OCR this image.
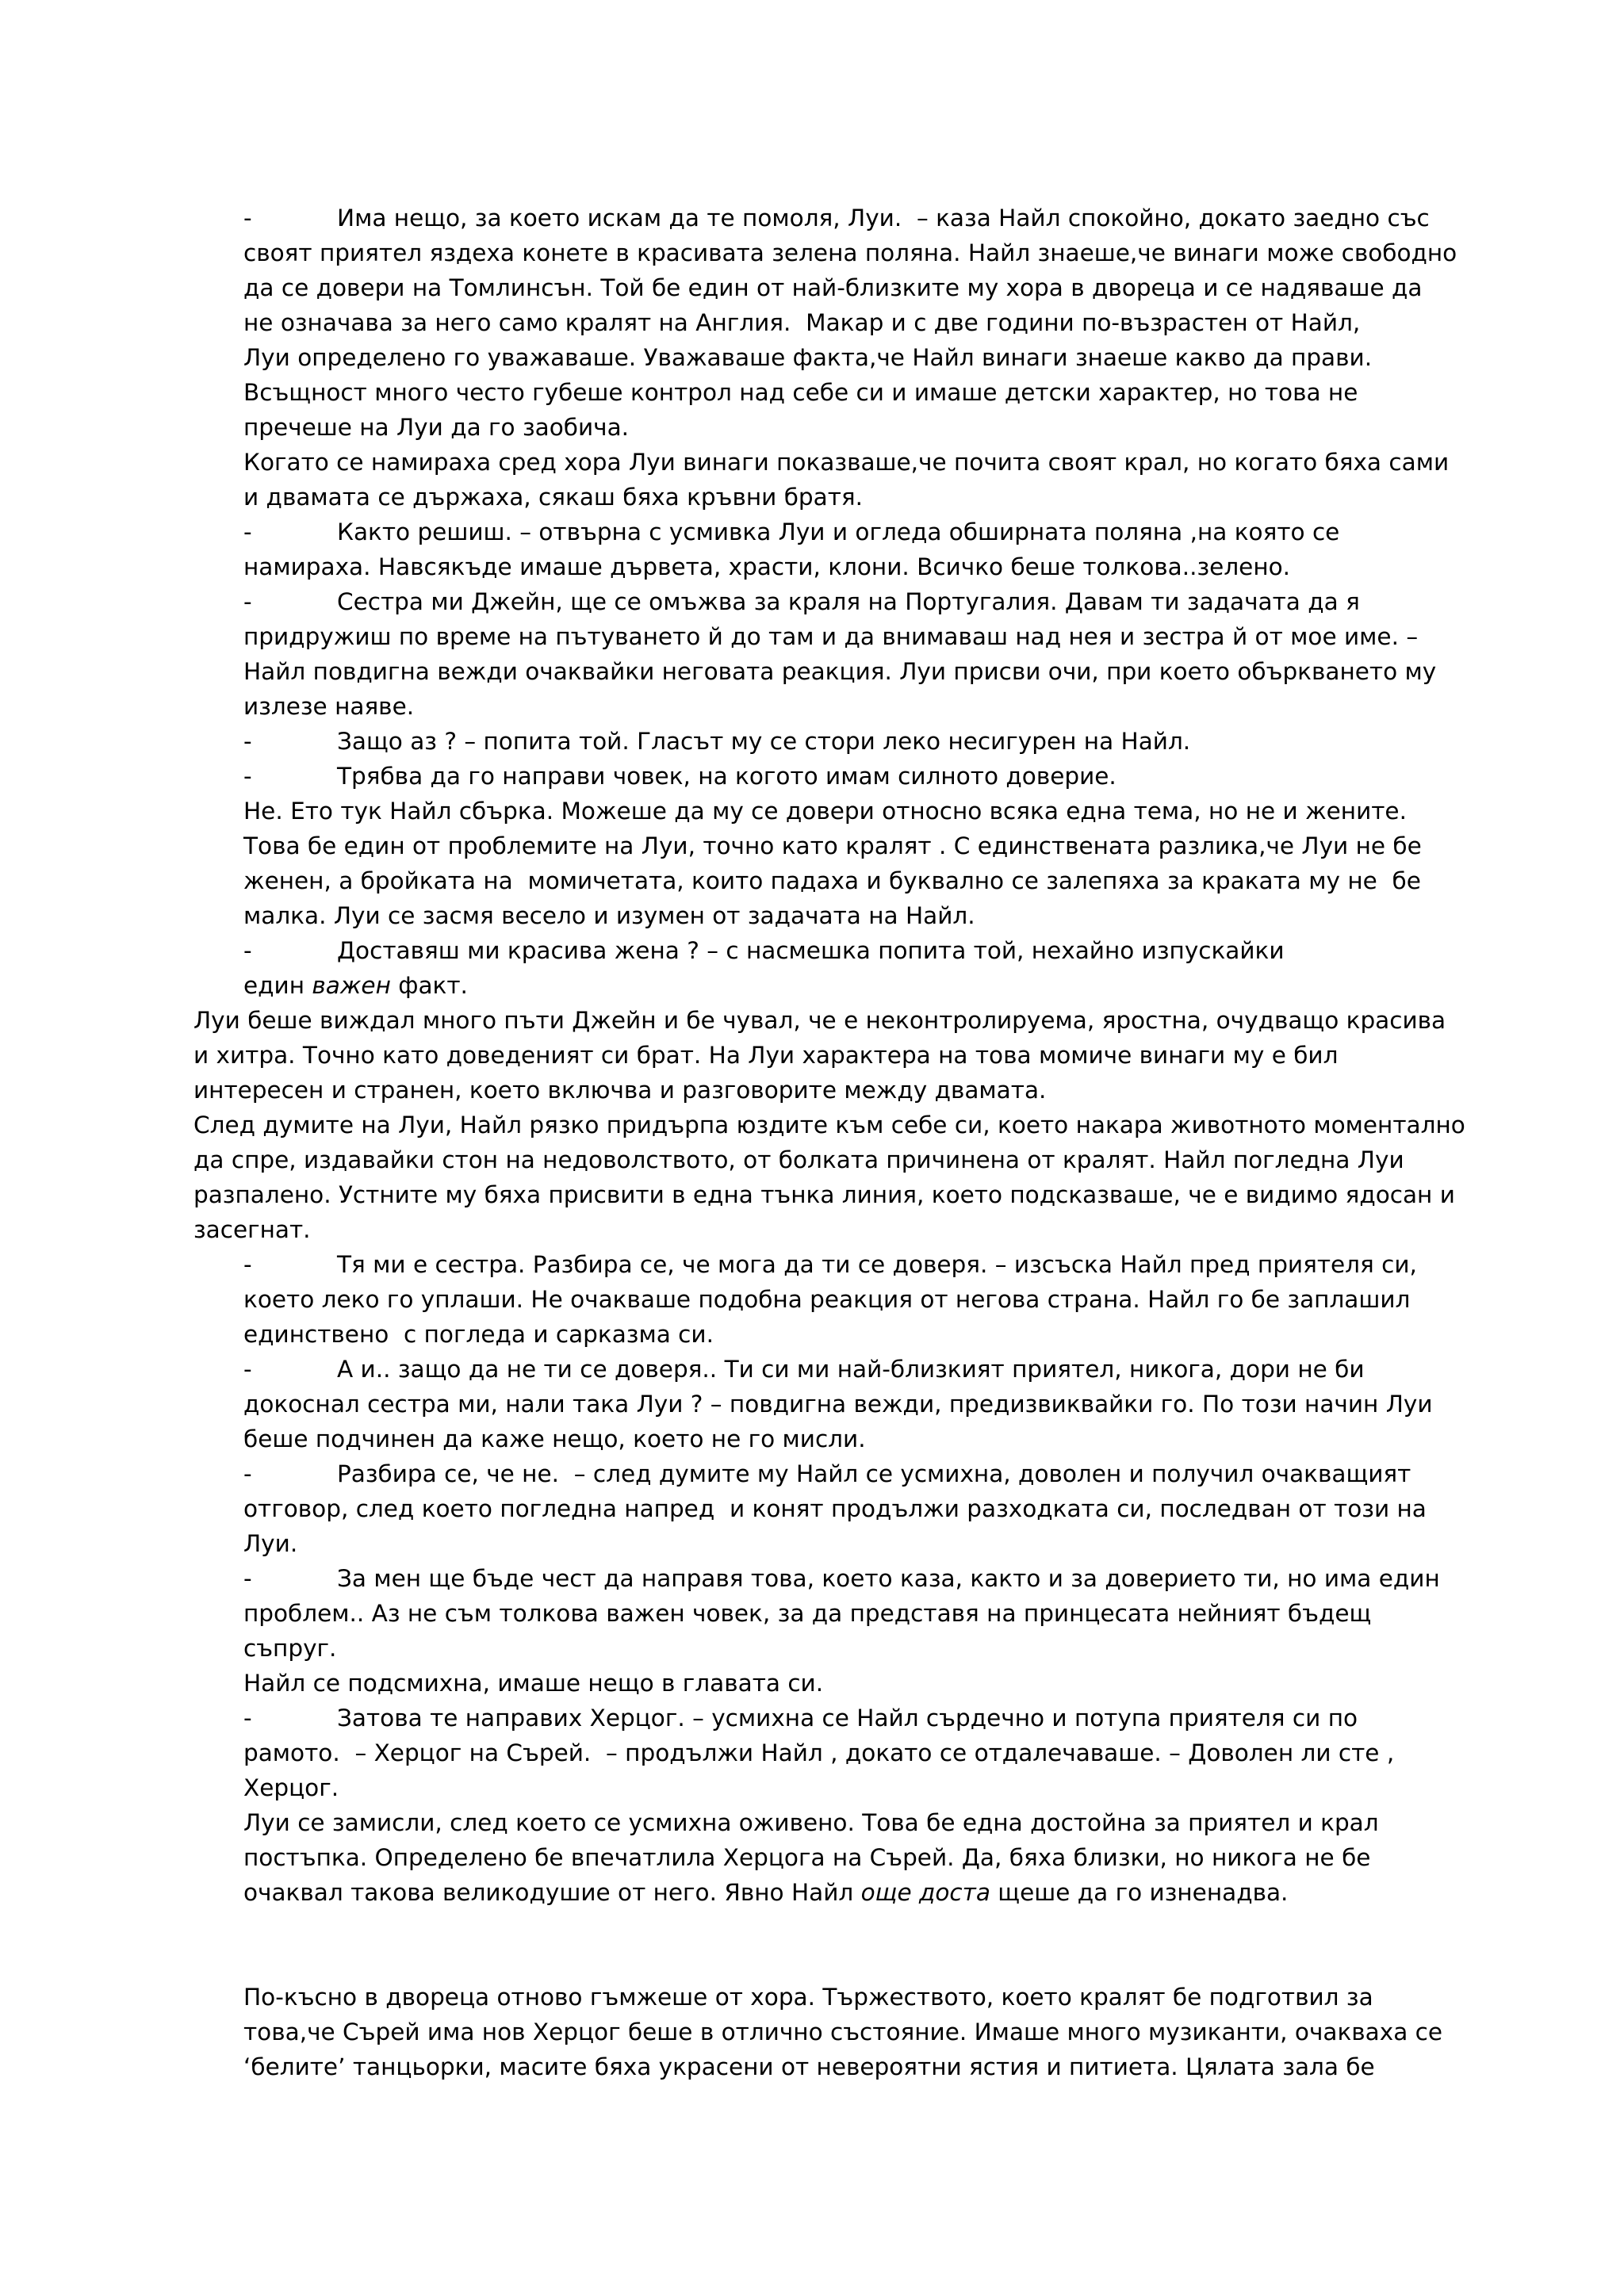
-	Има нещо, за което искам да те помоля, Луи.  – каза Найл спокойно, докато заедно със
своят приятел яздеха конете в красивата зелена поляна. Найл знаеше,че винаги може свободно
да се довери на Томлинсън. Той бе един от най-близките му хора в двореца и се надяваше да
не означава за него само кралят на Англия.  Макар и с две години по-възрастен от Найл,
Луи определено го уважаваше. Уважаваше факта,че Найл винаги знаеше какво да прави.
Всъщност много често губеше контрол над себе си и имаше детски характер, но това не
пречеше на Луи да го заобича.
Когато се намираха сред хора Луи винаги показваше,че почита своят крал, но когато бяха сами
и двамата се държаха, сякаш бяха кръвни братя.
-	Както решиш. – отвърна с усмивка Луи и огледа обширната поляна ,на която се
намираха. Навсякъде имаше дървета, храсти, клони. Всичко беше толкова..зелено.
-	Сестра ми Джейн, ще се омъжва за краля на Португалия. Давам ти задачата да я
придружиш по време на пътуването й до там и да внимаваш над нея и зестра й от мое име. –
Найл повдигна вежди очаквайки неговата реакция. Луи присви очи, при което объркването му
излезе наяве.
-	Защо аз ? – попита той. Гласът му се стори леко несигурен на Найл.
-	Трябва да го направи човек, на когото имам силното доверие.
Не. Ето тук Найл сбърка. Можеше да му се довери относно всяка една тема, но не и жените.
Това бе един от проблемите на Луи, точно като кралят . С единствената разлика,че Луи не бе
женен, а бройката на  момичетата, които падаха и буквално се залепяха за краката му не  бе
малка. Луи се засмя весело и изумен от задачата на Найл.
-	Доставяш ми красива жена ? – с насмешка попита той, нехайно изпускайки
един важен факт.
Луи беше виждал много пъти Джейн и бе чувал, че е неконтролируема, яростна, очудващо красива
и хитра. Точно като доведеният си брат. На Луи характера на това момиче винаги му е бил
интересен и странен, което включва и разговорите между двамата.
След думите на Луи, Найл рязко придърпа юздите към себе си, което накара животното моментално
да спре, издавайки стон на недоволството, от болката причинена от кралят. Найл погледна Луи
разпалено. Устните му бяха присвити в една тънка линия, което подсказваше, че е видимо ядосан и
засегнат.
-	Тя ми е сестра. Разбира се, че мога да ти се доверя. – изсъска Найл пред приятеля си,
което леко го уплаши. Не очакваше подобна реакция от негова страна. Найл го бе заплашил
единствено  с погледа и сарказма си.
-	А и.. защо да не ти се доверя.. Ти си ми най-близкият приятел, никога, дори не би
докоснал сестра ми, нали така Луи ? – повдигна вежди, предизвиквайки го. По този начин Луи
беше подчинен да каже нещо, което не го мисли.
-	Разбира се, че не.  – след думите му Найл се усмихна, доволен и получил очакващият
отговор, след което погледна напред  и конят продължи разходката си, последван от този на
Луи.
-	За мен ще бъде чест да направя това, което каза, както и за доверието ти, но има един
проблем.. Аз не съм толкова важен човек, за да представя на принцесата нейният бъдещ
съпруг.
Найл се подсмихна, имаше нещо в главата си.
-	Затова те направих Херцог. – усмихна се Найл сърдечно и потупа приятеля си по
рамото.  – Херцог на Сърей.  – продължи Найл , докато се отдалечаваше. – Доволен ли сте ,
Херцог.
Луи се замисли, след което се усмихна оживено. Това бе една достойна за приятел и крал
постъпка. Определено бе впечатлила Херцога на Сърей. Да, бяха близки, но никога не бе
очаквал такова великодушие от него. Явно Найл още доста щеше да го изненадва.
По-късно в двореца отново гъмжеше от хора. Тържеството, което кралят бе подготвил за
това,че Сърей има нов Херцог беше в отлично състояние. Имаше много музиканти, очакваха се
‘белите’ танцьорки, масите бяха украсени от невероятни ястия и питиета. Цялата зала бе
